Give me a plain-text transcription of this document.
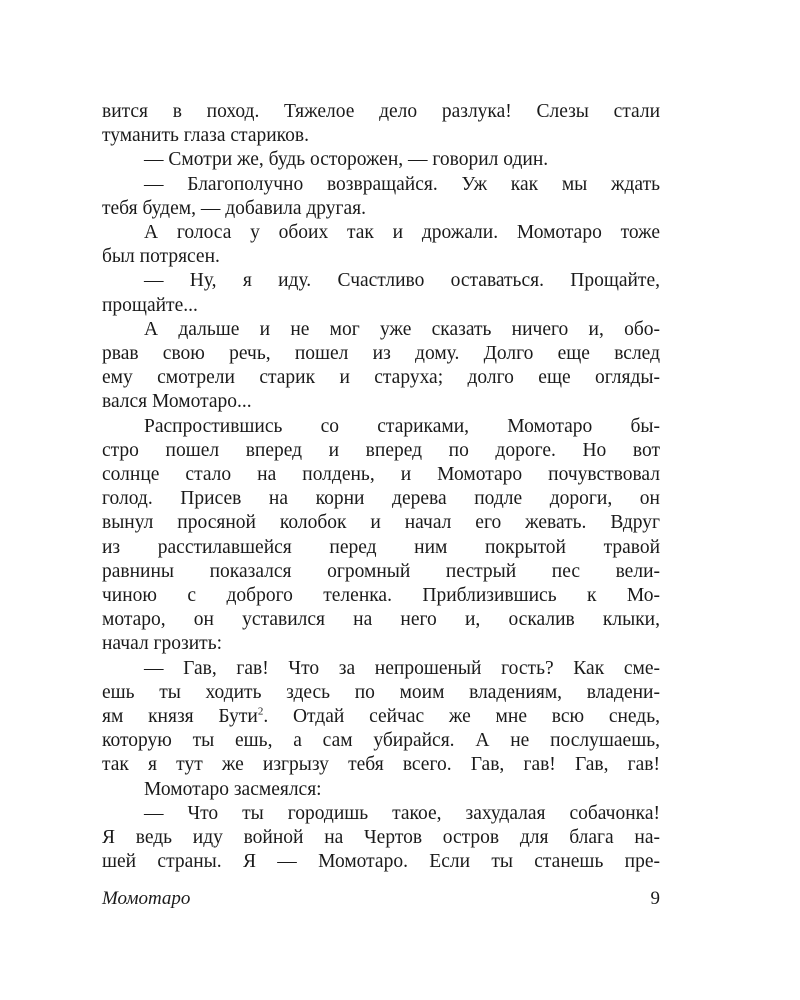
вится в поход. Тяжелое дело разлука! Слезы стали
туманить глаза стариков.
— Смотри же, будь осторожен, — говорил один.
— Благополучно возвращайся. Уж как мы ждать
тебя будем, — добавила другая.
А голоса у обоих так и дрожали. Момотаро тоже
был потрясен.
— Ну, я иду. Счастливо оставаться. Прощайте,
прощайте...
А дальше и не мог уже сказать ничего и, обо-
рвав свою речь, пошел из дому. Долго еще вслед
ему смотрели старик и старуха; долго еще огляды-
вался Момотаро...
Распростившись со стариками, Момотаро бы-
стро пошел вперед и вперед по дороге. Но вот
солнце стало на полдень, и Момотаро почувствовал
голод. Присев на корни дерева подле дороги, он
вынул просяной колобок и начал его жевать. Вдруг
из расстилавшейся перед ним покрытой травой
равнины показался огромный пестрый пес вели-
чиною с доброго теленка. Приблизившись к Мо-
мотаро, он уставился на него и, оскалив клыки,
начал грозить:
— Гав, гав! Что за непрошеный гость? Как сме-
ешь ты ходить здесь по моим владениям, владени-
ям князя Бути$^2$. Отдай сейчас же мне всю снедь,
которую ты ешь, а сам убирайся. А не послушаешь,
так я тут же изгрызу тебя всего. Гав, гав! Гав, гав!
Момотаро засмеялся:
— Что ты городишь такое, захудалая собачонка!
Я ведь иду войной на Чертов остров для блага на-
шей страны. Я — Момотаро. Если ты станешь пре-
Момотаро	9
